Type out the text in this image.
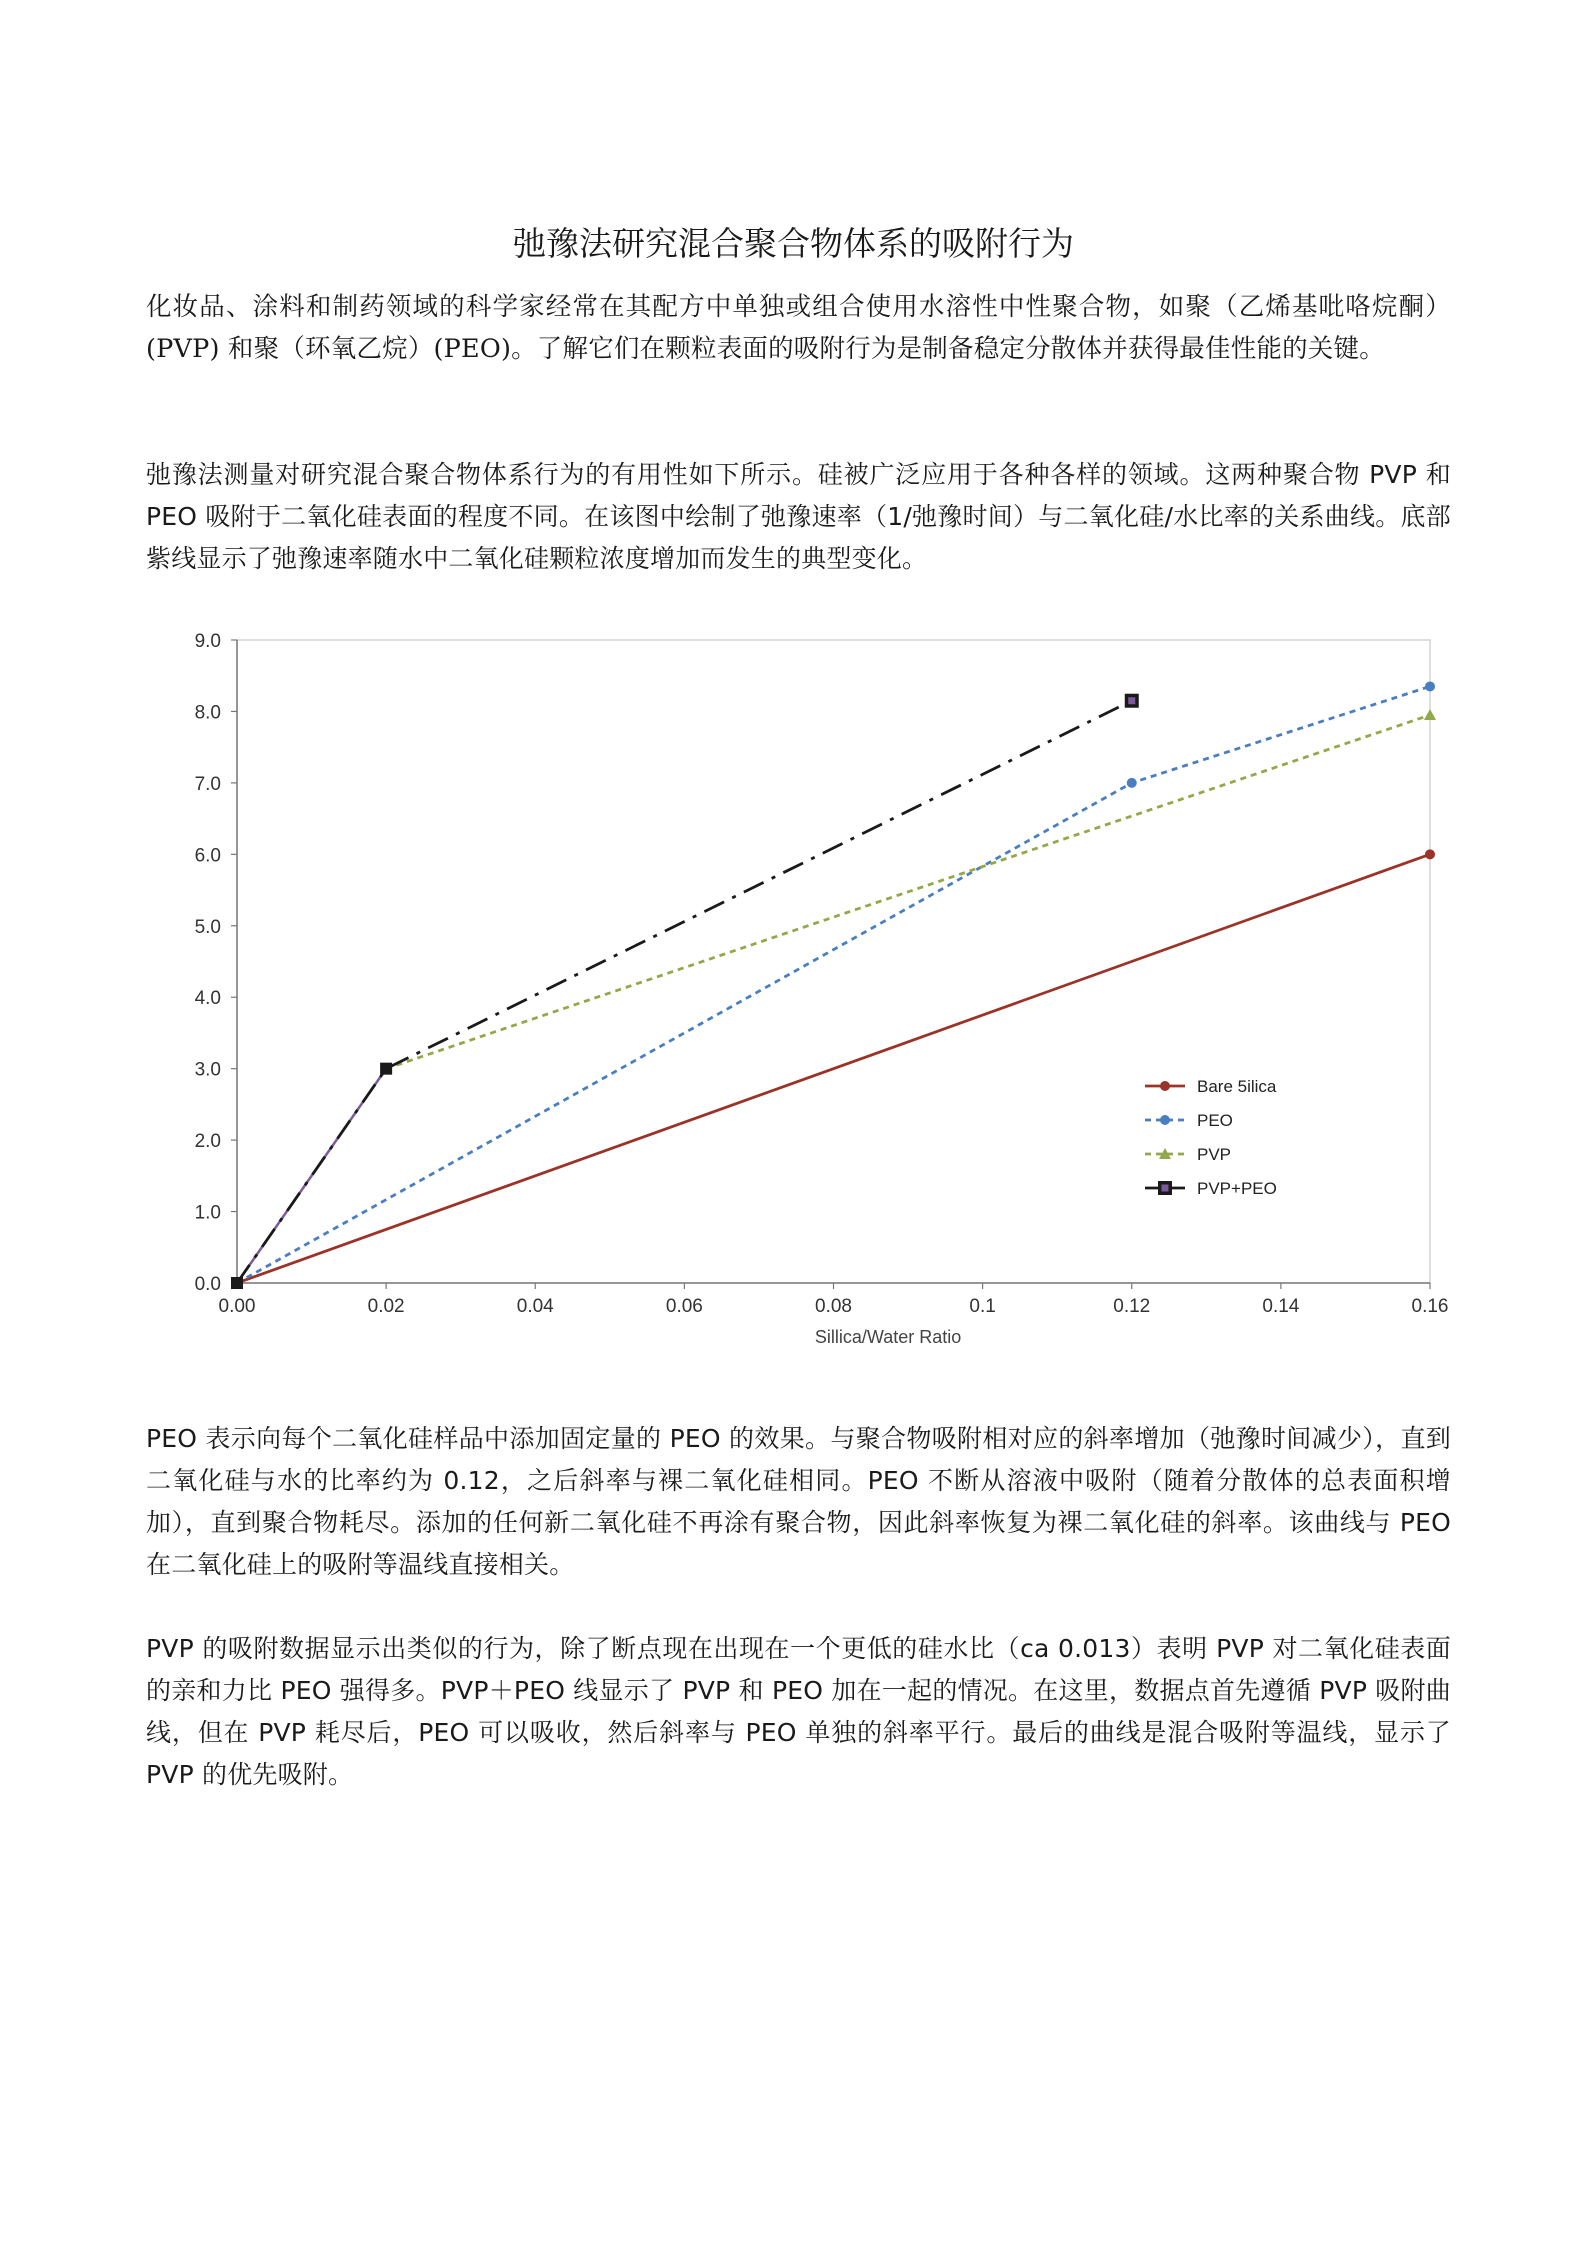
弛豫法研究混合聚合物体系的吸附行为

化妆品、涂料和制药领域的科学家经常在其配方中单独或组合使用水溶性中性聚合物，如聚（乙烯基吡咯烷酮）(PVP) 和聚（环氧乙烷）(PEO)。了解它们在颗粒表面的吸附行为是制备稳定分散体并获得最佳性能的关键。

弛豫法测量对研究混合聚合物体系行为的有用性如下所示。硅被广泛应用于各种各样的领域。这两种聚合物 PVP 和 PEO 吸附于二氧化硅表面的程度不同。在该图中绘制了弛豫速率（1/弛豫时间）与二氧化硅/水比率的关系曲线。底部紫线显示了弛豫速率随水中二氧化硅颗粒浓度增加而发生的典型变化。

0.0
1.0
2.0
3.0
4.0
5.0
6.0
7.0
8.0
9.0
0.00	0.02	0.04	0.06	0.08	0.1	0.12	0.14	0.16
Sillica/Water Ratio
Bare 5ilica
PEO
PVP
PVP+PEO

PEO 表示向每个二氧化硅样品中添加固定量的 PEO 的效果。与聚合物吸附相对应的斜率增加（弛豫时间减少），直到二氧化硅与水的比率约为 0.12，之后斜率与裸二氧化硅相同。PEO 不断从溶液中吸附（随着分散体的总表面积增加），直到聚合物耗尽。添加的任何新二氧化硅不再涂有聚合物，因此斜率恢复为裸二氧化硅的斜率。该曲线与 PEO 在二氧化硅上的吸附等温线直接相关。

PVP 的吸附数据显示出类似的行为，除了断点现在出现在一个更低的硅水比（ca 0.013）表明 PVP 对二氧化硅表面的亲和力比 PEO 强得多。PVP＋PEO 线显示了 PVP 和 PEO 加在一起的情况。在这里，数据点首先遵循 PVP 吸附曲线，但在 PVP 耗尽后，PEO 可以吸收，然后斜率与 PEO 单独的斜率平行。最后的曲线是混合吸附等温线，显示了 PVP 的优先吸附。
